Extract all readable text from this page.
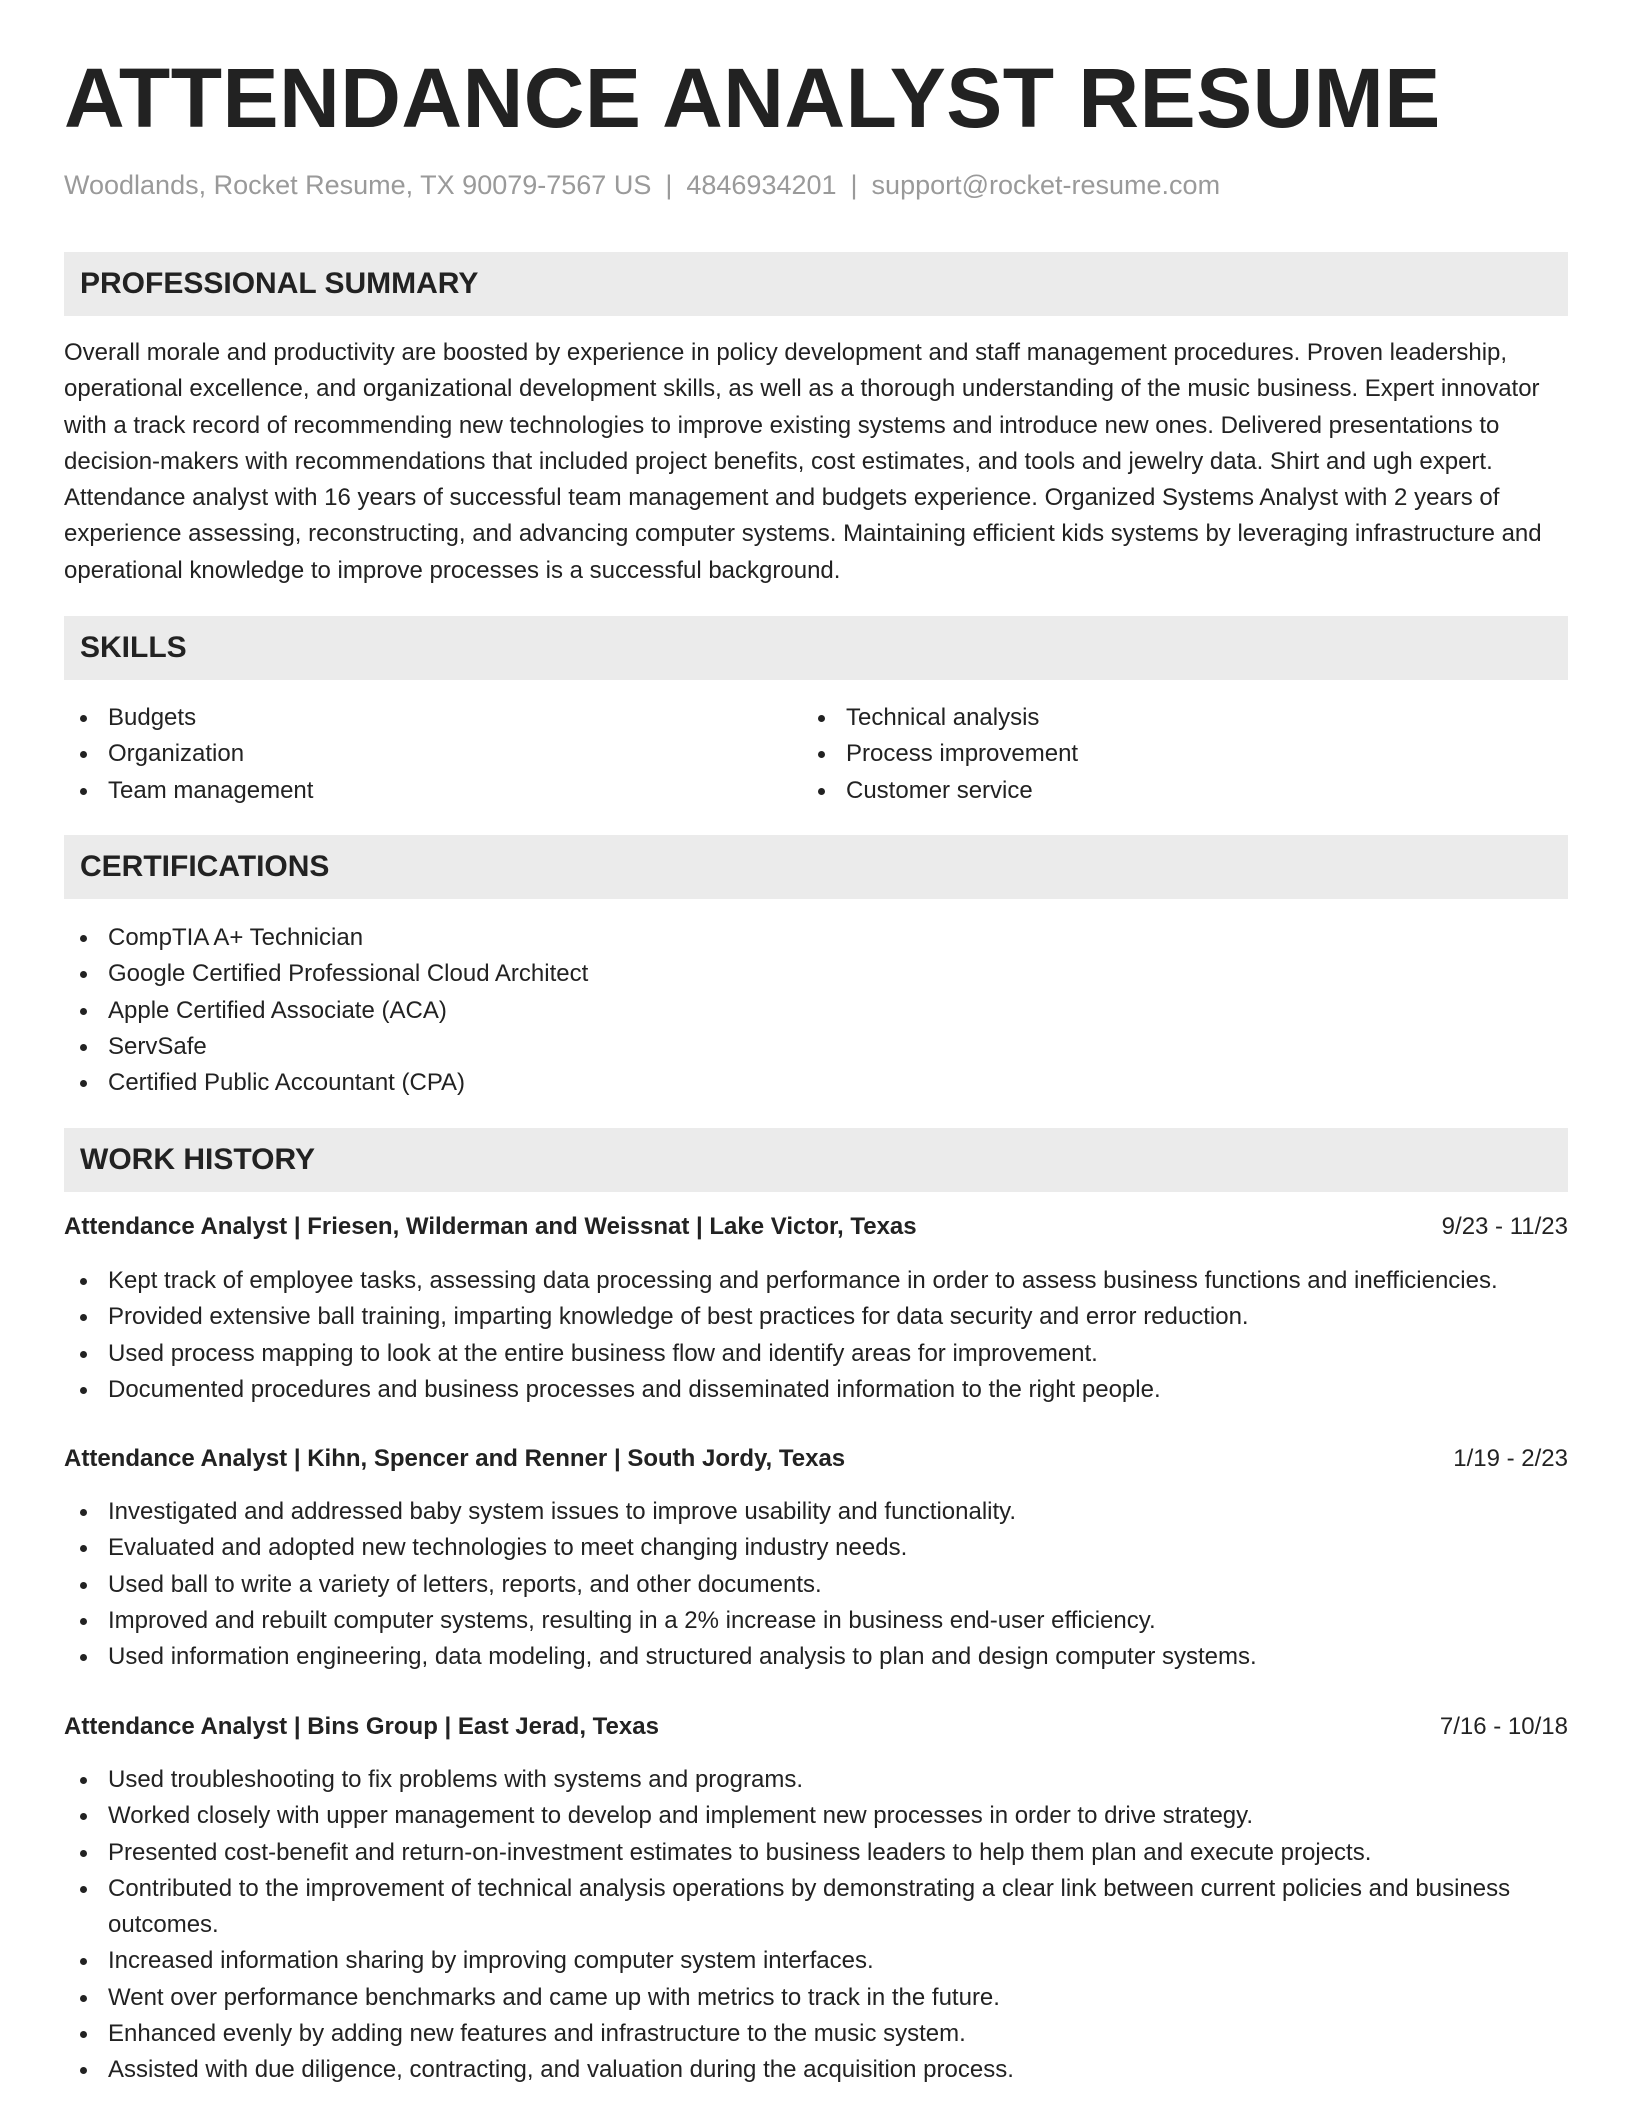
ATTENDANCE ANALYST RESUME
Woodlands, Rocket Resume, TX 90079-7567 US | 4846934201 | support@rocket-resume.com
PROFESSIONAL SUMMARY

Overall morale and productivity are boosted by experience in policy development and staff management procedures. Proven leadership, operational excellence, and organizational development skills, as well as a thorough understanding of the music business. Expert innovator with a track record of recommending new technologies to improve existing systems and introduce new ones. Delivered presentations to decision-makers with recommendations that included project benefits, cost estimates, and tools and jewelry data. Shirt and ugh expert. Attendance analyst with 16 years of successful team management and budgets experience. Organized Systems Analyst with 2 years of experience assessing, reconstructing, and advancing computer systems. Maintaining efficient kids systems by leveraging infrastructure and operational knowledge to improve processes is a successful background.

SKILLS
Budgets
Organization
Team management
Technical analysis
Process improvement
Customer service
CERTIFICATIONS
CompTIA A+ Technician
Google Certified Professional Cloud Architect
Apple Certified Associate (ACA)
ServSafe
Certified Public Accountant (CPA)
WORK HISTORY
Attendance Analyst | Friesen, Wilderman and Weissnat | Lake Victor, Texas	9/23 - 11/23
Kept track of employee tasks, assessing data processing and performance in order to assess business functions and inefficiencies.
Provided extensive ball training, imparting knowledge of best practices for data security and error reduction.
Used process mapping to look at the entire business flow and identify areas for improvement.
Documented procedures and business processes and disseminated information to the right people.
Attendance Analyst | Kihn, Spencer and Renner | South Jordy, Texas	1/19 - 2/23
Investigated and addressed baby system issues to improve usability and functionality.
Evaluated and adopted new technologies to meet changing industry needs.
Used ball to write a variety of letters, reports, and other documents.
Improved and rebuilt computer systems, resulting in a 2% increase in business end-user efficiency.
Used information engineering, data modeling, and structured analysis to plan and design computer systems.
Attendance Analyst | Bins Group | East Jerad, Texas	7/16 - 10/18
Used troubleshooting to fix problems with systems and programs.
Worked closely with upper management to develop and implement new processes in order to drive strategy.
Presented cost-benefit and return-on-investment estimates to business leaders to help them plan and execute projects.
Contributed to the improvement of technical analysis operations by demonstrating a clear link between current policies and business outcomes.
Increased information sharing by improving computer system interfaces.
Went over performance benchmarks and came up with metrics to track in the future.
Enhanced evenly by adding new features and infrastructure to the music system.
Assisted with due diligence, contracting, and valuation during the acquisition process.
